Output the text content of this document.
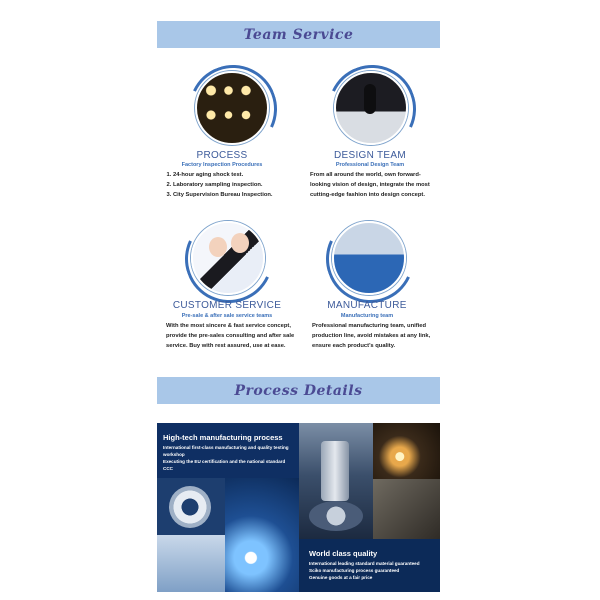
Team Service
PROCESS
Factory Inspection Procedures
1. 24-hour aging shock test.
2. Laboratory sampling inspection.
3. City Supervision Bureau Inspection.
DESIGN TEAM
Professional Design Team
From all around the world, own forward-looking vision of design, integrate the most cutting-edge fashion into design concept.
CUSTOMER SERVICE
Pre-sale & after sale service teams
With the most sincere & fast service concept, provide the pre-sales consulting and after sale service. Buy with rest assured, use at ease.
MANUFACTURE
Manufacturing team
Professional manufacturing team, unified production line, avoid mistakes at any link, ensure each product’s quality.
Process Details
High-tech manufacturing process
International first-class manufacturing and quality testing workshop
Executing the EU certification and the national standard CCC
World class quality
International leading standard material guaranteed
Sciko manufacturing process guaranteed
Genuine goods at a fair price
